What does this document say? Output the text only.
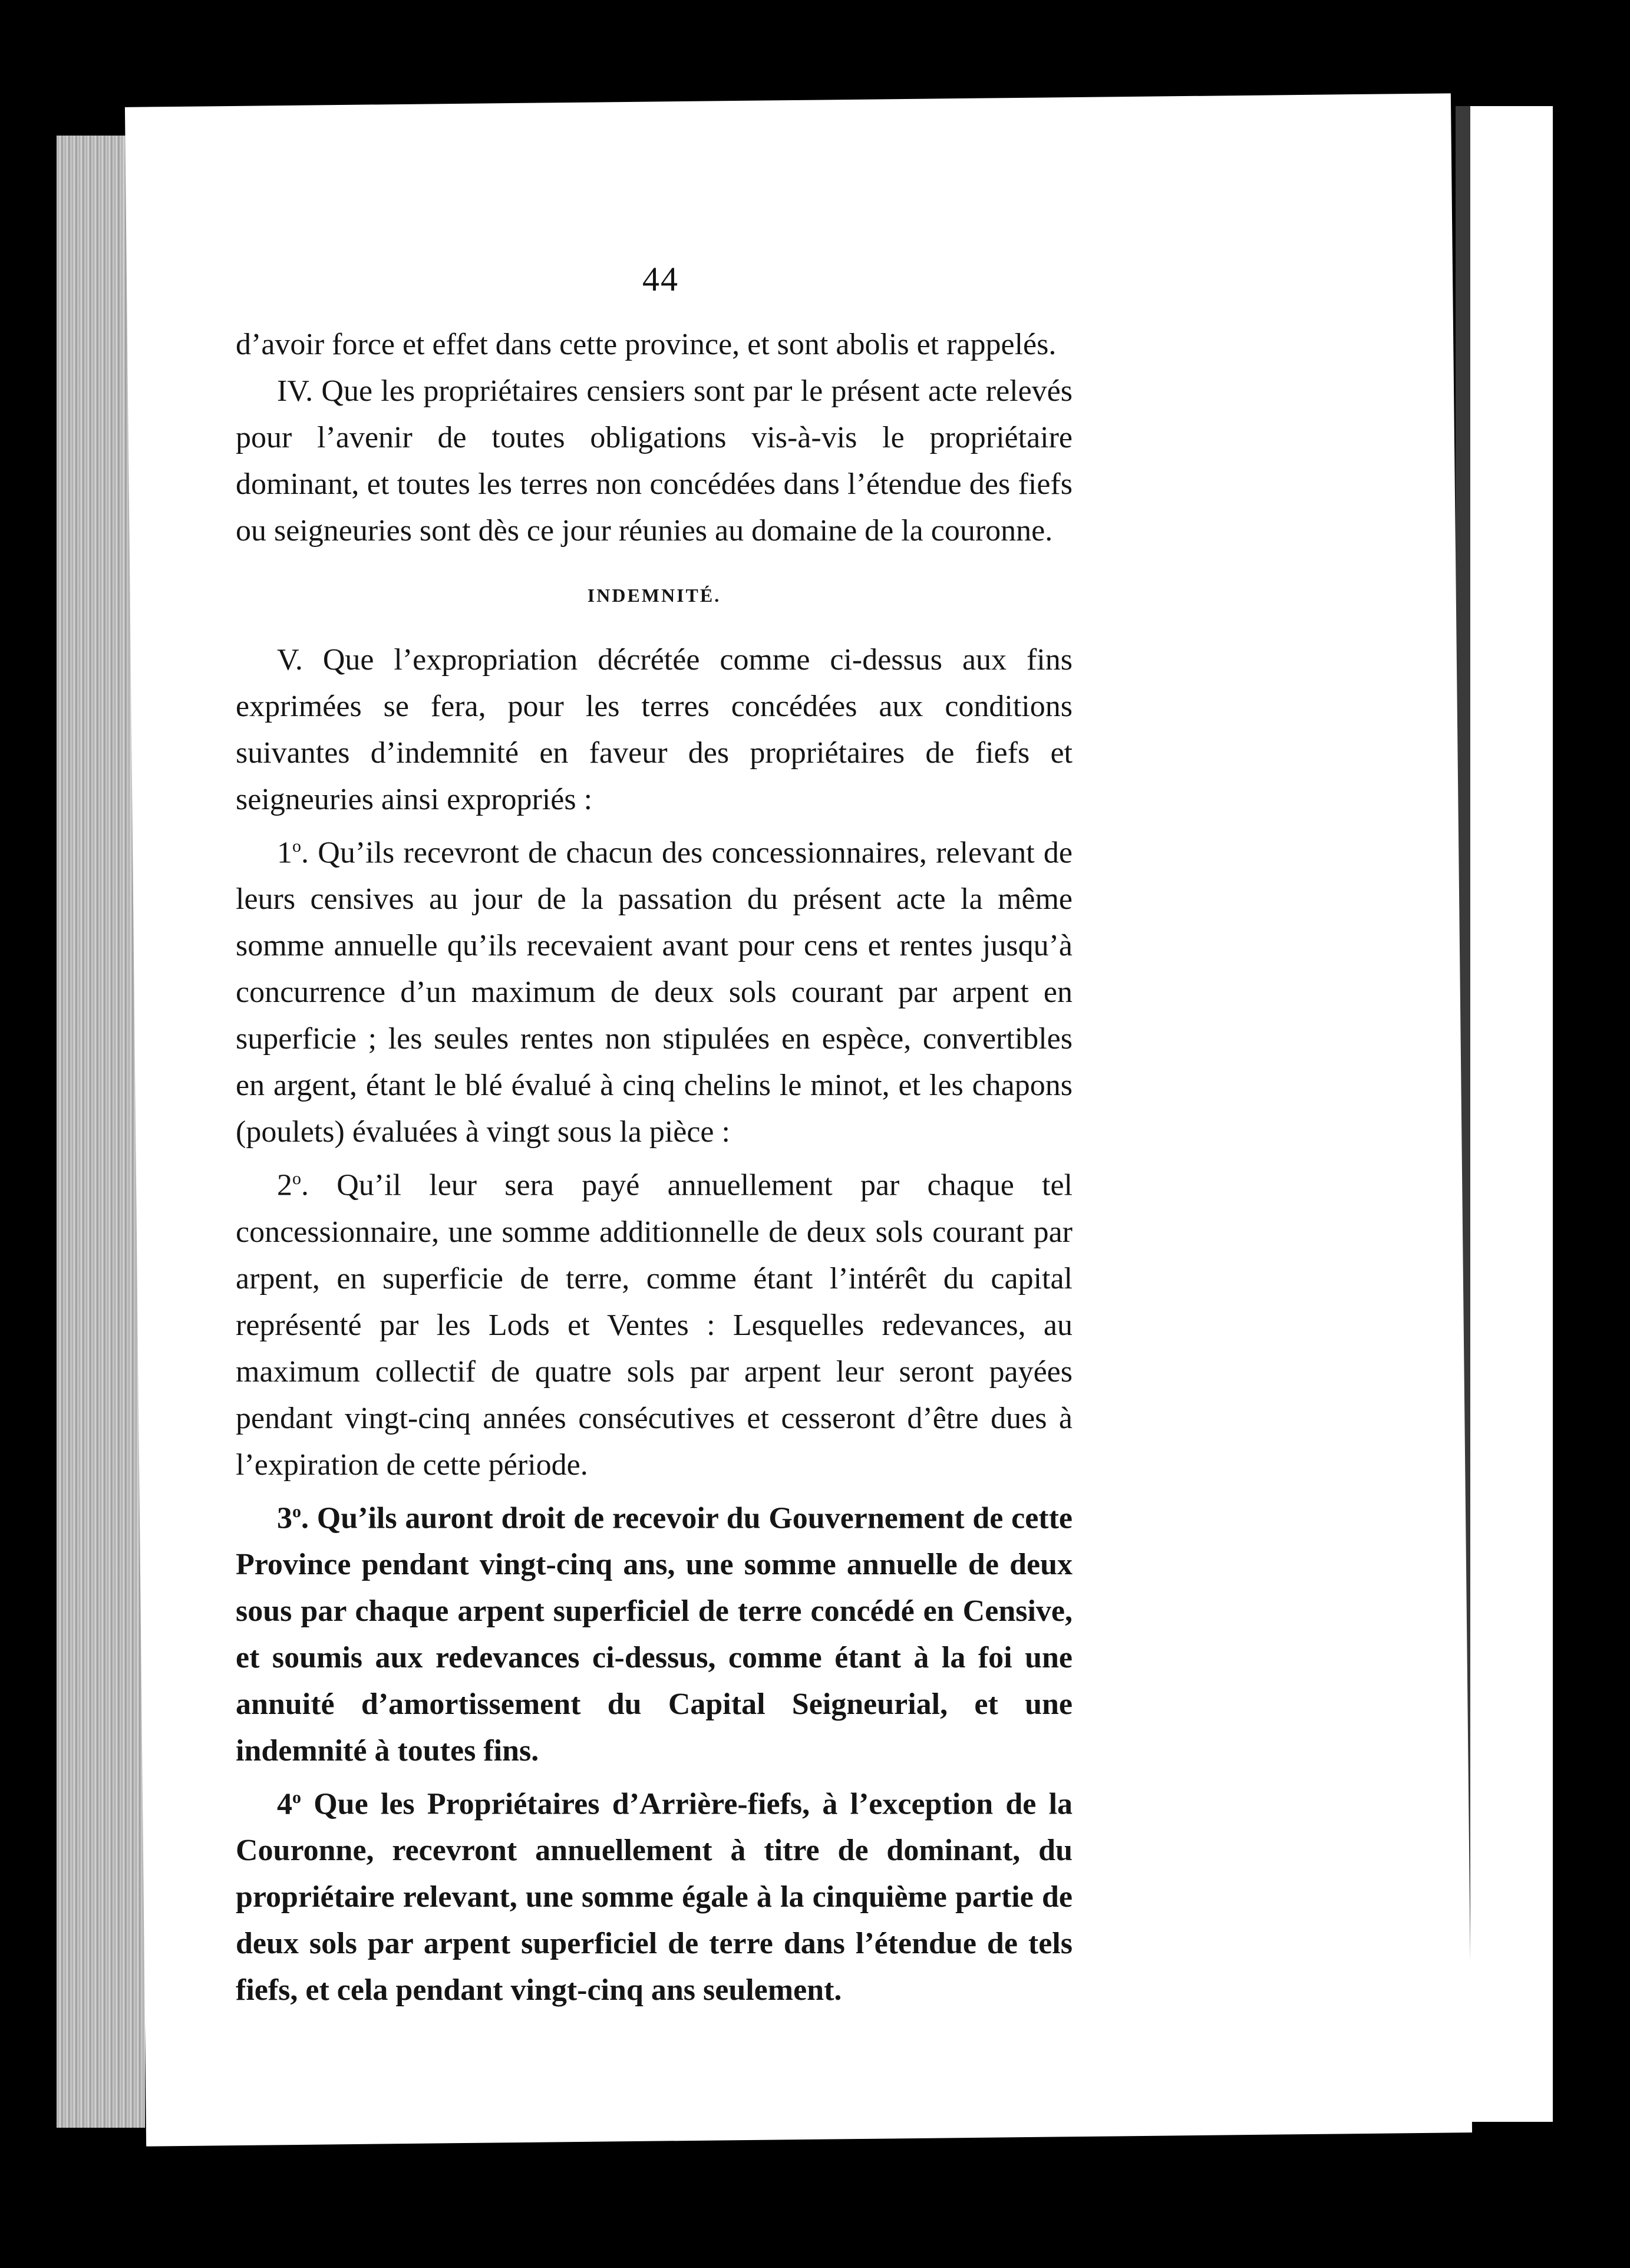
44

d’avoir force et effet dans cette province, et sont abolis et rappelés.

IV. Que les propriétaires censiers sont par le présent acte relevés pour l’avenir de toutes obligations vis-à-vis le propriétaire dominant, et toutes les terres non concédées dans l’étendue des fiefs ou seigneuries sont dès ce jour réunies au domaine de la couronne.

INDEMNITÉ.

V. Que l’expropriation décrétée comme ci-dessus aux fins exprimées se fera, pour les terres concédées aux conditions suivantes d’indemnité en faveur des propriétaires de fiefs et seigneuries ainsi expropriés :

1$^o$. Qu’ils recevront de chacun des concessionnaires, relevant de leurs censives au jour de la passation du présent acte la même somme annuelle qu’ils recevaient avant pour cens et rentes jusqu’à concurrence d’un maximum de deux sols courant par arpent en superficie ; les seules rentes non stipulées en espèce, convertibles en argent, étant le blé évalué à cinq chelins le minot, et les chapons (poulets) évaluées à vingt sous la pièce :

2$^o$. Qu’il leur sera payé annuellement par chaque tel concessionnaire, une somme additionnelle de deux sols courant par arpent, en superficie de terre, comme étant l’intérêt du capital représenté par les Lods et Ventes : Lesquelles redevances, au maximum collectif de quatre sols par arpent leur seront payées pendant vingt-cinq années consécutives et cesseront d’être dues à l’expiration de cette période.

3$^o$. Qu’ils auront droit de recevoir du Gouvernement de cette Province pendant vingt-cinq ans, une somme annuelle de deux sous par chaque arpent superficiel de terre concédé en Censive, et soumis aux redevances ci-dessus, comme étant à la foi une annuité d’amortissement du Capital Seigneurial, et une indemnité à toutes fins.

4$^o$ Que les Propriétaires d’Arrière-fiefs, à l’exception de la Couronne, recevront annuellement à titre de dominant, du propriétaire relevant, une somme égale à la cinquième partie de deux sols par arpent superficiel de terre dans l’étendue de tels fiefs, et cela pendant vingt-cinq ans seulement.
